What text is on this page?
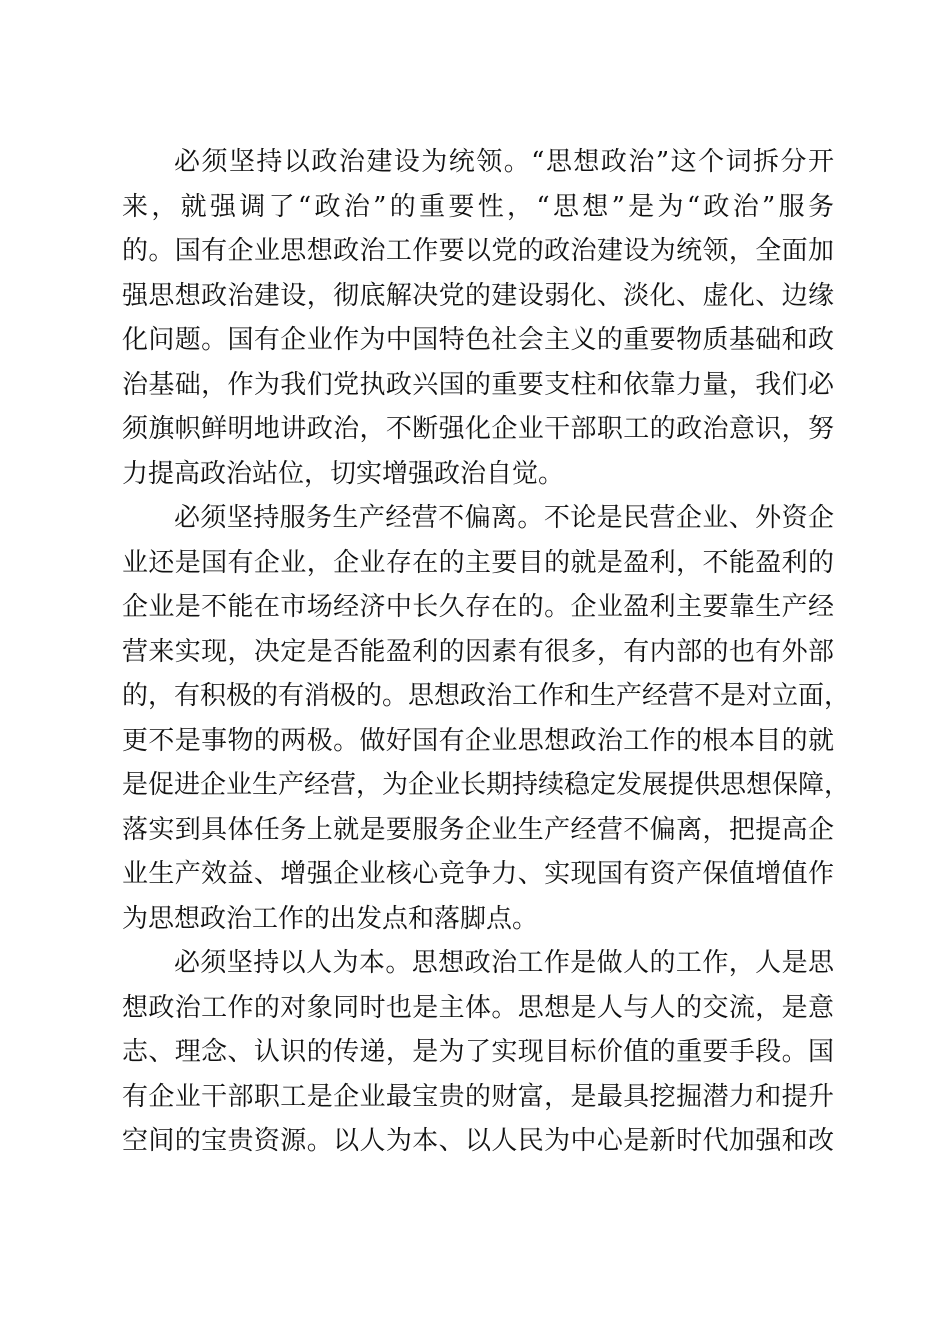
必须坚持以政治建设为统领。“思想政治”这个词拆分开
来，就强调了“政治”的重要性，“思想”是为“政治”服务
的。国有企业思想政治工作要以党的政治建设为统领，全面加
强思想政治建设，彻底解决党的建设弱化、淡化、虚化、边缘
化问题。国有企业作为中国特色社会主义的重要物质基础和政
治基础，作为我们党执政兴国的重要支柱和依靠力量，我们必
须旗帜鲜明地讲政治，不断强化企业干部职工的政治意识，努
力提高政治站位，切实增强政治自觉。
必须坚持服务生产经营不偏离。不论是民营企业、外资企
业还是国有企业，企业存在的主要目的就是盈利，不能盈利的
企业是不能在市场经济中长久存在的。企业盈利主要靠生产经
营来实现，决定是否能盈利的因素有很多，有内部的也有外部
的，有积极的有消极的。思想政治工作和生产经营不是对立面，
更不是事物的两极。做好国有企业思想政治工作的根本目的就
是促进企业生产经营，为企业长期持续稳定发展提供思想保障，
落实到具体任务上就是要服务企业生产经营不偏离，把提高企
业生产效益、增强企业核心竞争力、实现国有资产保值增值作
为思想政治工作的出发点和落脚点。
必须坚持以人为本。思想政治工作是做人的工作，人是思
想政治工作的对象同时也是主体。思想是人与人的交流，是意
志、理念、认识的传递，是为了实现目标价值的重要手段。国
有企业干部职工是企业最宝贵的财富，是最具挖掘潜力和提升
空间的宝贵资源。以人为本、以人民为中心是新时代加强和改
